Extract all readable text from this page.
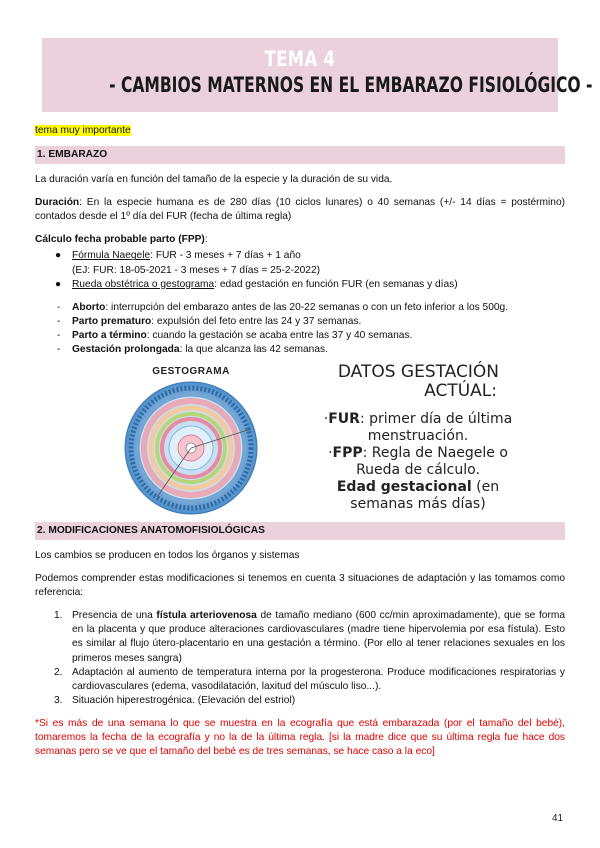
TEMA 4
- CAMBIOS MATERNOS EN EL EMBARAZO FISIOLÓGICO -
tema muy importante
1. EMBARAZO

La duración varía en función del tamaño de la especie y la duración de su vida.

Duración: En la especie humana es de 280 días (10 ciclos lunares) o 40 semanas (+/- 14 días = postérmino) contados desde el 1º día del FUR (fecha de última regla)

Cálculo fecha probable parto (FPP):

● Fórmula Naegele: FUR - 3 meses + 7 días + 1 año
(EJ: FUR: 18-05-2021 - 3 meses + 7 días = 25-2-2022)
● Rueda obstétrica o gestograma: edad gestación en función FUR (en semanas y días)
- Aborto: interrupción del embarazo antes de las 20-22 semanas o con un feto inferior a los 500g.
- Parto prematuro: expulsión del feto entre las 24 y 37 semanas.
- Parto a término: cuando la gestación se acaba entre las 37 y 40 semanas.
- Gestación prolongada: la que alcanza las 42 semanas.
GESTOGRAMA	DATOS GESTACIÓN
ACTÚAL:
·FUR: primer día de última
menstruación.
·FPP: Regla de Naegele o
Rueda de cálculo.
Edad gestacional (en
semanas más días)
2. MODIFICACIONES ANATOMOFISIOLÓGICAS

Los cambios se producen en todos los órganos y sistemas

Podemos comprender estas modificaciones si tenemos en cuenta 3 situaciones de adaptación y las tomamos como referencia:

1. Presencia de una fístula arteriovenosa de tamaño mediano (600 cc/min aproximadamente), que se forma en la placenta y que produce alteraciones cardiovasculares (madre tiene hipervolemia por esa fístula). Esto es similar al flujo útero-placentario en una gestación a término. (Por ello al tener relaciones sexuales en los primeros meses sangra)
2. Adaptación al aumento de temperatura interna por la progesterona. Produce modificaciones respiratorias y cardiovasculares (edema, vasodilatación, laxitud del músculo liso...).
3. Situación hiperestrogénica. (Elevación del estriol)

*Si es más de una semana lo que se muestra en la ecografía que está embarazada (por el tamaño del bebé), tomaremos la fecha de la ecografía y no la de la última regla. [si la madre dice que su última regla fue hace dos semanas pero se ve que el tamaño del bebé es de tres semanas, se hace caso a la eco]

41
